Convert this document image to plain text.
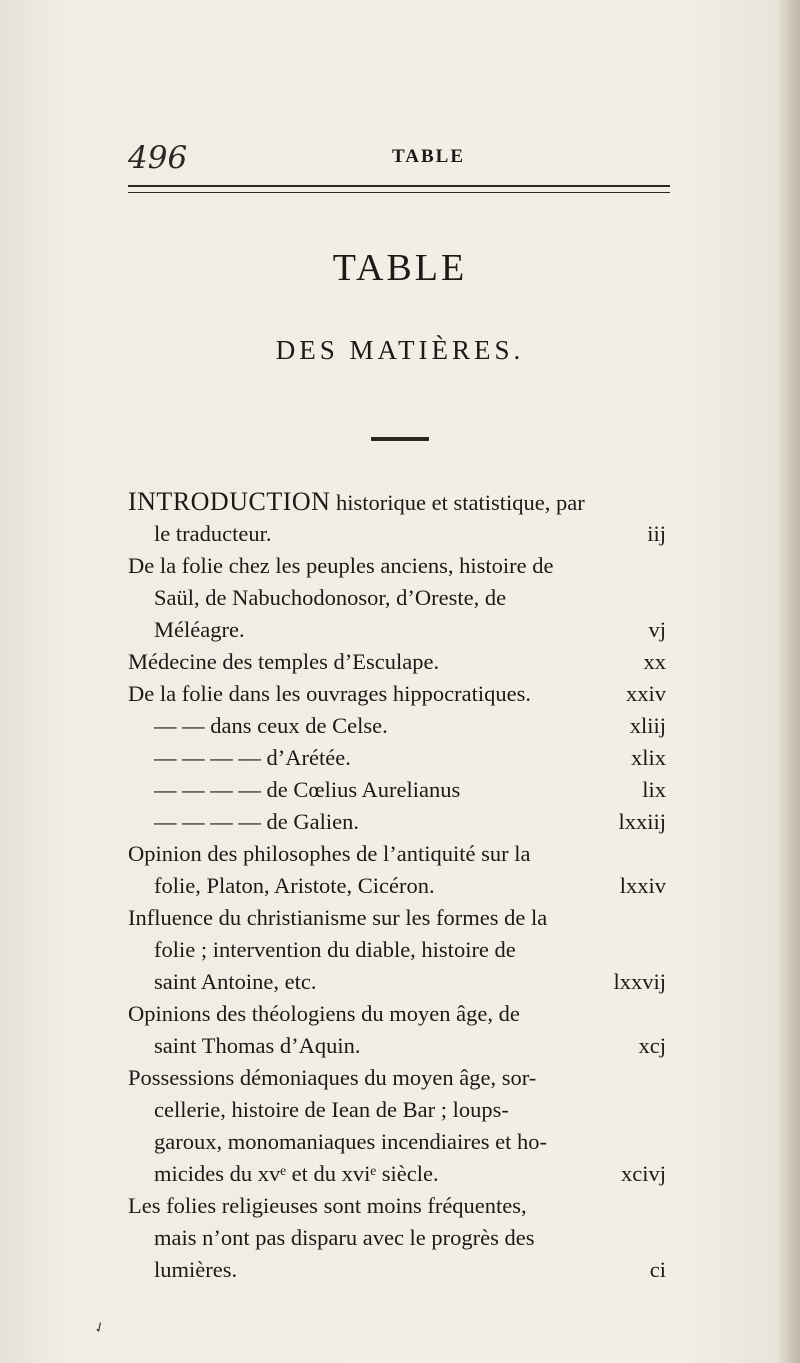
496	TABLE
TABLE
DES MATIÈRES.
INTRODUCTION historique et statistique, par
le traducteur.	iij
De la folie chez les peuples anciens, histoire de
Saül, de Nabuchodonosor, d’Oreste, de
Méléagre.	vj
Médecine des temples d’Esculape.	xx
De la folie dans les ouvrages hippocratiques.	xxiv
— — dans ceux de Celse.	xliij
— — — — d’Arétée.	xlix
— — — — de Cœlius Aurelianus	lix
— — — — de Galien.	lxxiij
Opinion des philosophes de l’antiquité sur la
folie, Platon, Aristote, Cicéron.	lxxiv
Influence du christianisme sur les formes de la
folie ; intervention du diable, histoire de
saint Antoine, etc.	lxxvij
Opinions des théologiens du moyen âge, de
saint Thomas d’Aquin.	xcj
Possessions démoniaques du moyen âge, sor-
cellerie, histoire de Iean de Bar ; loups-
garoux, monomaniaques incendiaires et ho-
micides du xvᵉ et du xviᵉ siècle.	xcivj
Les folies religieuses sont moins fréquentes,
mais n’ont pas disparu avec le progrès des
lumières.	ci
✓
